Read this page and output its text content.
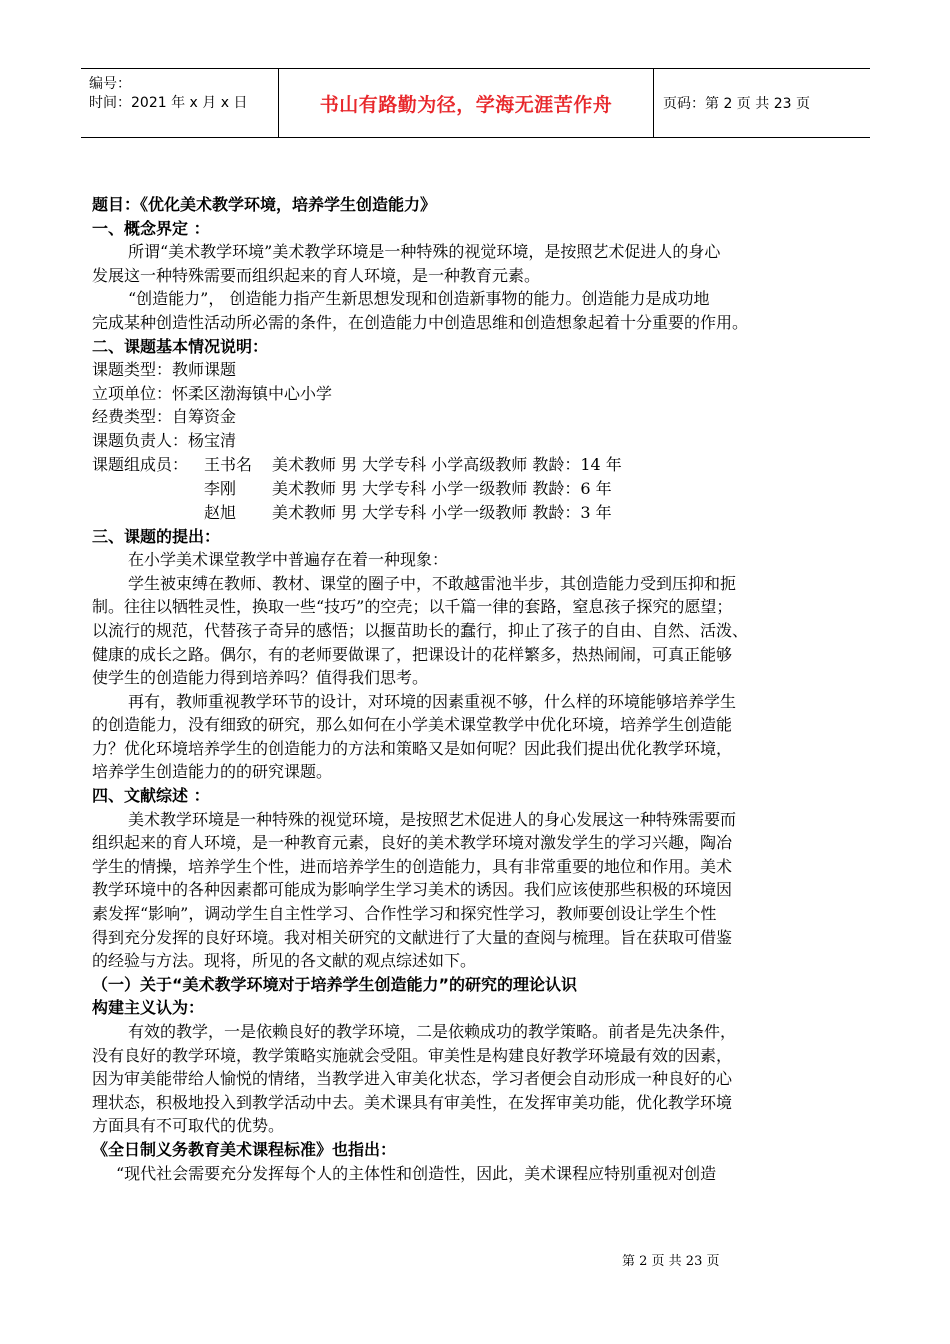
编号：
时间：2021 年 x 月 x 日	书山有路勤为径，学海无涯苦作舟	页码：第 2 页 共 23 页
题目：《优化美术教学环境，培养学生创造能力》
一、概念界定 ：
所谓“美术教学环境”美术教学环境是一种特殊的视觉环境，是按照艺术促进人的身心
发展这一种特殊需要而组织起来的育人环境，是一种教育元素。
“创造能力”， 创造能力指产生新思想发现和创造新事物的能力。创造能力是成功地
完成某种创造性活动所必需的条件，在创造能力中创造思维和创造想象起着十分重要的作用。
二、课题基本情况说明：
课题类型：教师课题
立项单位：怀柔区渤海镇中心小学
经费类型：自筹资金
课题负责人：杨宝清
课题组成员： 王书名	美术教师 男 大学专科 小学高级教师 教龄：14 年
李刚	美术教师 男 大学专科 小学一级教师 教龄：6 年
赵旭	美术教师 男 大学专科 小学一级教师 教龄：3 年
三、课题的提出：
在小学美术课堂教学中普遍存在着一种现象：
学生被束缚在教师、教材、课堂的圈子中，不敢越雷池半步，其创造能力受到压抑和扼
制。往往以牺牲灵性，换取一些“技巧”的空壳；以千篇一律的套路，窒息孩子探究的愿望；
以流行的规范，代替孩子奇异的感悟；以揠苗助长的蠢行，抑止了孩子的自由、自然、活泼、
健康的成长之路。偶尔，有的老师要做课了，把课设计的花样繁多，热热闹闹，可真正能够
使学生的创造能力得到培养吗？值得我们思考。
再有，教师重视教学环节的设计，对环境的因素重视不够，什么样的环境能够培养学生
的创造能力，没有细致的研究，那么如何在小学美术课堂教学中优化环境，培养学生创造能
力？优化环境培养学生的创造能力的方法和策略又是如何呢？因此我们提出优化教学环境，
培养学生创造能力的的研究课题。
四、文献综述 ：
美术教学环境是一种特殊的视觉环境，是按照艺术促进人的身心发展这一种特殊需要而
组织起来的育人环境，是一种教育元素，良好的美术教学环境对激发学生的学习兴趣，陶冶
学生的情操，培养学生个性，进而培养学生的创造能力，具有非常重要的地位和作用。美术
教学环境中的各种因素都可能成为影响学生学习美术的诱因。我们应该使那些积极的环境因
素发挥“影响”，调动学生自主性学习、合作性学习和探究性学习，教师要创设让学生个性
得到充分发挥的良好环境。我对相关研究的文献进行了大量的查阅与梳理。旨在获取可借鉴
的经验与方法。现将，所见的各文献的观点综述如下。
（一）关于“美术教学环境对于培养学生创造能力”的研究的理论认识
构建主义认为：
有效的教学，一是依赖良好的教学环境，二是依赖成功的教学策略。前者是先决条件，
没有良好的教学环境，教学策略实施就会受阻。审美性是构建良好教学环境最有效的因素，
因为审美能带给人愉悦的情绪，当教学进入审美化状态，学习者便会自动形成一种良好的心
理状态，积极地投入到教学活动中去。美术课具有审美性，在发挥审美功能，优化教学环境
方面具有不可取代的优势。
《全日制义务教育美术课程标准》也指出：
“现代社会需要充分发挥每个人的主体性和创造性，因此，美术课程应特别重视对创造
第 2 页 共 23 页
